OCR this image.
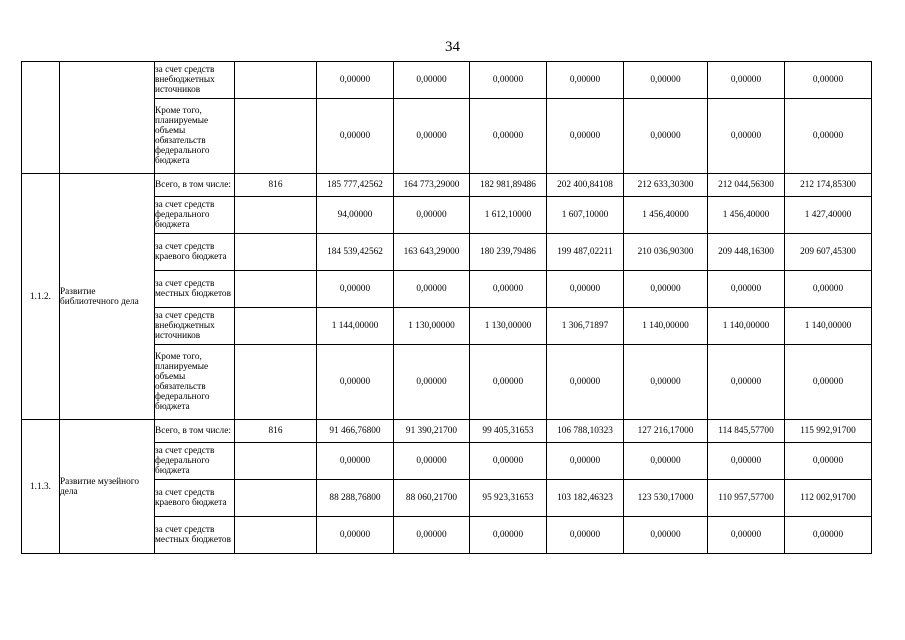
34
		за счет средств внебюджетных источников		0,00000	0,00000	0,00000	0,00000	0,00000	0,00000	0,00000
		Кроме того, планируемые объемы обязательств федерального бюджета		0,00000	0,00000	0,00000	0,00000	0,00000	0,00000	0,00000
1.1.2.	Развитие библиотечного дела	Всего, в том числе:	816	185 777,42562	164 773,29000	182 981,89486	202 400,84108	212 633,30300	212 044,56300	212 174,85300
		за счет средств федерального бюджета		94,00000	0,00000	1 612,10000	1 607,10000	1 456,40000	1 456,40000	1 427,40000
		за счет средств краевого бюджета		184 539,42562	163 643,29000	180 239,79486	199 487,02211	210 036,90300	209 448,16300	209 607,45300
		за счет средств местных бюджетов		0,00000	0,00000	0,00000	0,00000	0,00000	0,00000	0,00000
		за счет средств внебюджетных источников		1 144,00000	1 130,00000	1 130,00000	1 306,71897	1 140,00000	1 140,00000	1 140,00000
		Кроме того, планируемые объемы обязательств федерального бюджета		0,00000	0,00000	0,00000	0,00000	0,00000	0,00000	0,00000
1.1.3.	Развитие музейного дела	Всего, в том числе:	816	91 466,76800	91 390,21700	99 405,31653	106 788,10323	127 216,17000	114 845,57700	115 992,91700
		за счет средств федерального бюджета		0,00000	0,00000	0,00000	0,00000	0,00000	0,00000	0,00000
		за счет средств краевого бюджета		88 288,76800	88 060,21700	95 923,31653	103 182,46323	123 530,17000	110 957,57700	112 002,91700
		за счет средств местных бюджетов		0,00000	0,00000	0,00000	0,00000	0,00000	0,00000	0,00000
